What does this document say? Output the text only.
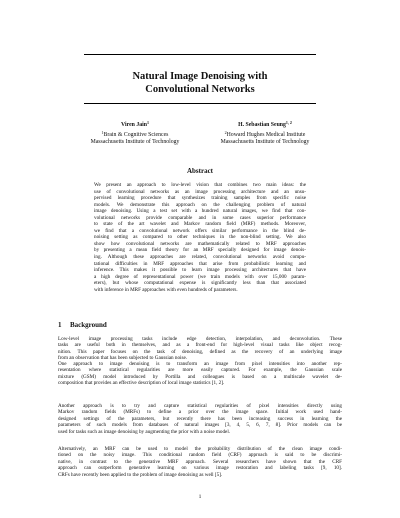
Natural Image Denoising with
Convolutional Networks
Viren Jain$^1$
$^1$Brain & Cognitive Sciences
Massachusetts Institute of Technology
H. Sebastian Seung$^{1, 2}$
$^2$Howard Hughes Medical Institute
Massachusetts Institute of Technology
Abstract
We present an approach to low-level vision that combines two main ideas: the
use of convolutional networks as an image processing architecture and an unsu-
pervised learning procedure that synthesizes training samples from specific noise
models. We demonstrate this approach on the challenging problem of natural
image denoising. Using a test set with a hundred natural images, we find that con-
volutional networks provide comparable and in some cases superior performance
to state of the art wavelet and Markov random field (MRF) methods. Moreover,
we find that a convolutional network offers similar performance in the blind de-
noising setting as compared to other techniques in the non-blind setting. We also
show how convolutional networks are mathematically related to MRF approaches
by presenting a mean field theory for an MRF specially designed for image denois-
ing. Although these approaches are related, convolutional networks avoid compu-
tational difficulties in MRF approaches that arise from probabilistic learning and
inference. This makes it possible to learn image processing architectures that have
a high degree of representational power (we train models with over 15,000 param-
eters), but whose computational expense is significantly less than that associated
with inference in MRF approaches with even hundreds of parameters.
1 Background
Low-level image processing tasks include edge detection, interpolation, and deconvolution. These
tasks are useful both in themselves, and as a front-end for high-level visual tasks like object recog-
nition. This paper focuses on the task of denoising, defined as the recovery of an underlying image
from an observation that has been subjected to Gaussian noise.
One approach to image denoising is to transform an image from pixel intensities into another rep-
resentation where statistical regularities are more easily captured. For example, the Gaussian scale
mixture (GSM) model introduced by Portilla and colleagues is based on a multiscale wavelet de-
composition that provides an effective description of local image statistics [1, 2].
Another approach is to try and capture statistical regularities of pixel intensities directly using
Markov random fields (MRFs) to define a prior over the image space. Initial work used hand-
designed settings of the parameters, but recently there has been increasing success in learning the
parameters of such models from databases of natural images [3, 4, 5, 6, 7, 8]. Prior models can be
used for tasks such as image denoising by augmenting the prior with a noise model.
Alternatively, an MRF can be used to model the probability distribution of the clean image condi-
tioned on the noisy image. This conditional random field (CRF) approach is said to be discrimi-
native, in contrast to the generative MRF approach. Several researchers have shown that the CRF
approach can outperform generative learning on various image restoration and labeling tasks [9, 10].
CRFs have recently been applied to the problem of image denoising as well [5].
1
